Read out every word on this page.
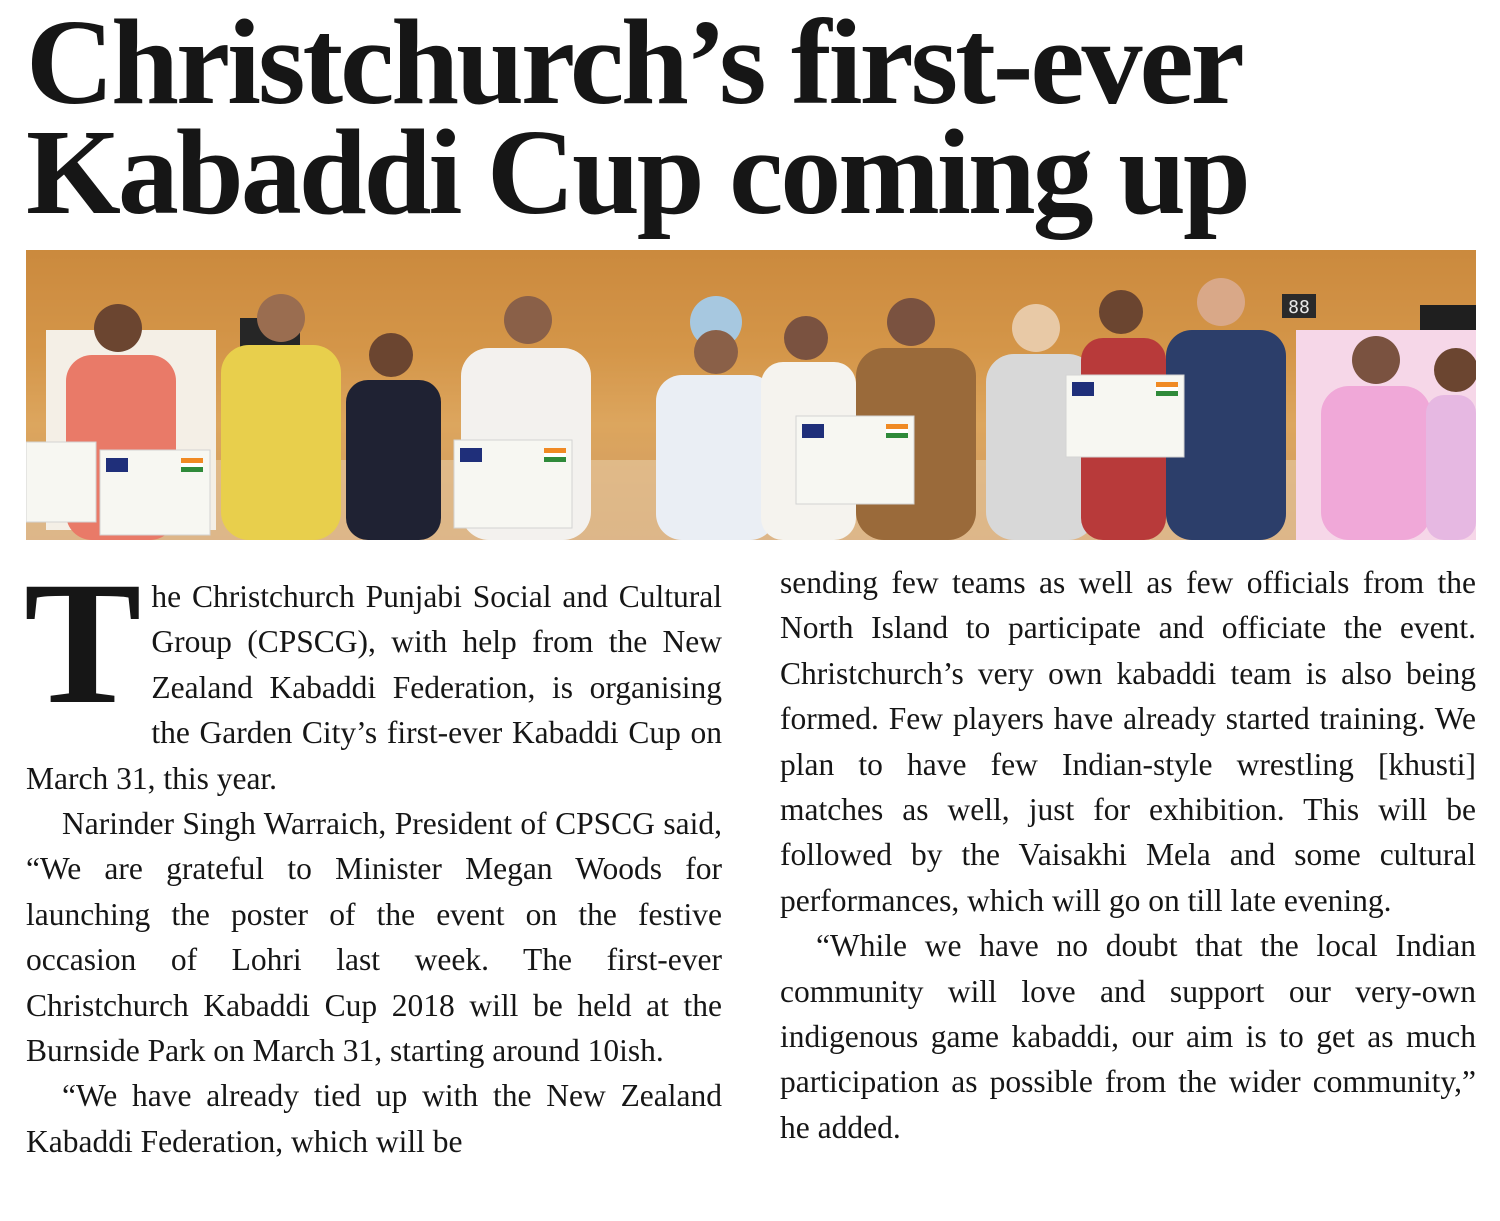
Christchurch’s first-ever
Kabaddi Cup coming up
88

The Christchurch Punjabi Social and Cultural Group (CPSCG), with help from the New Zealand Kabaddi Federation, is organising the Garden City’s first-ever Kabaddi Cup on March 31, this year.

Narinder Singh Warraich, President of CPSCG said, “We are grateful to Minister Megan Woods for launching the poster of the event on the festive occasion of Lohri last week. The first-ever Christchurch Kabaddi Cup 2018 will be held at the Burnside Park on March 31, starting around 10ish.

“We have already tied up with the New Zealand Kabaddi Federation, which will be

sending few teams as well as few officials from the North Island to participate and officiate the event. Christchurch’s very own kabaddi team is also being formed. Few players have already started training. We plan to have few Indian-style wrestling [khusti] matches as well, just for exhibition. This will be followed by the Vaisakhi Mela and some cultural performances, which will go on till late evening.

“While we have no doubt that the local Indian community will love and support our very-own indigenous game kabaddi, our aim is to get as much participation as possible from the wider community,” he added.
